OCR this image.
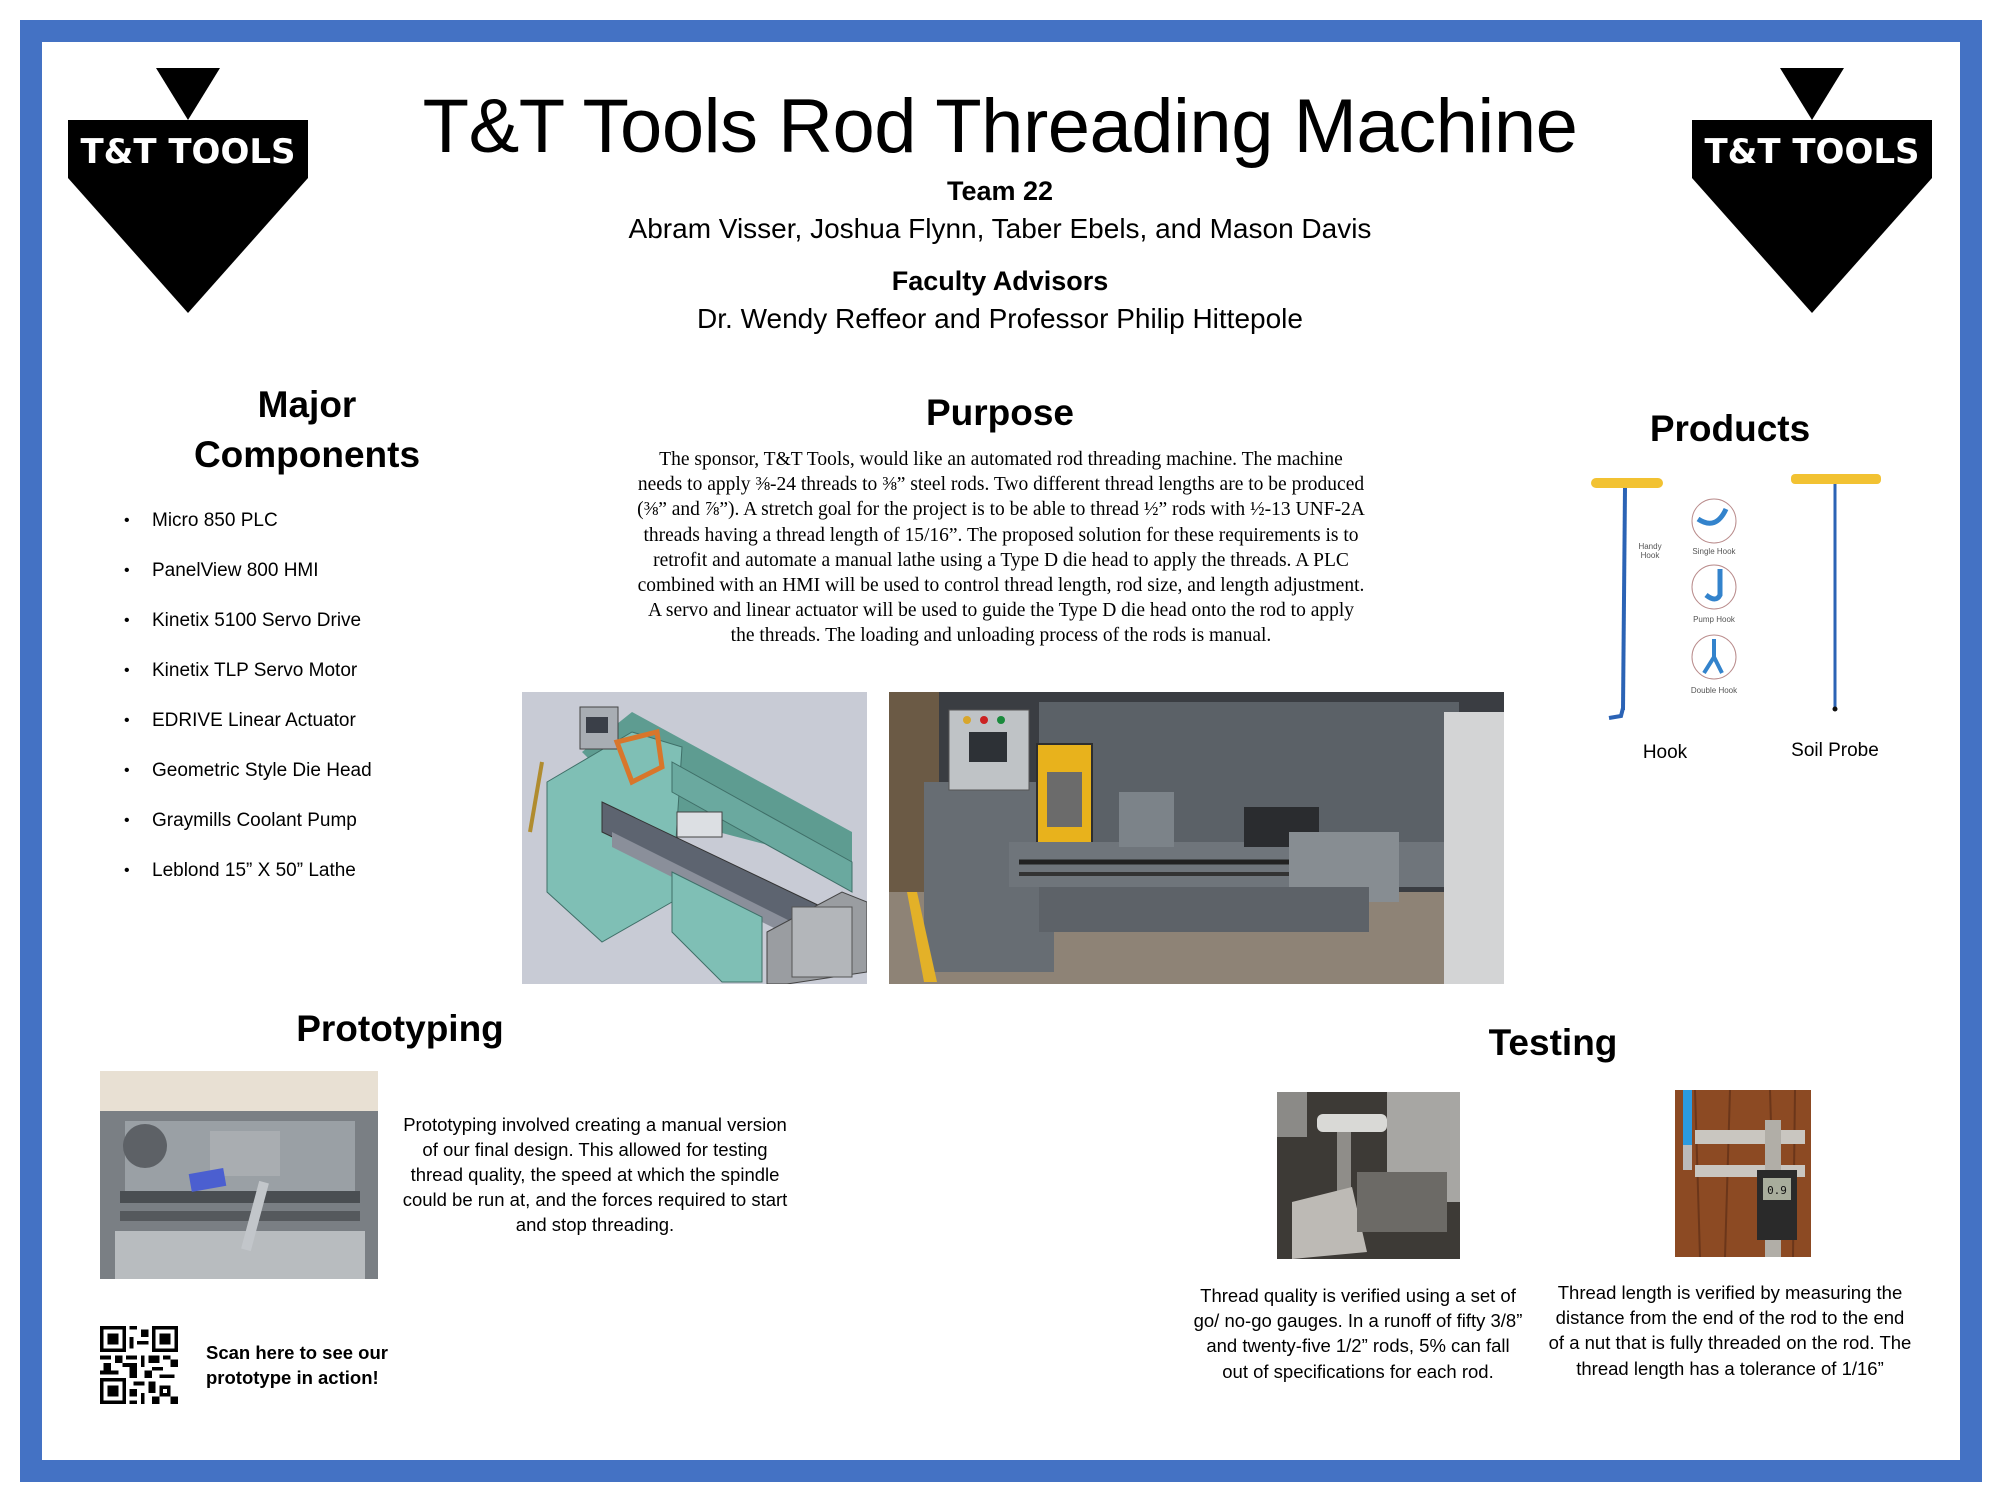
T&T TOOLS	T&T TOOLS
T&T Tools Rod Threading Machine
Team 22
Abram Visser, Joshua Flynn, Taber Ebels, and Mason Davis
Faculty Advisors
Dr. Wendy Reffeor and Professor Philip Hittepole
Major
Components
•	Micro 850 PLC
•	PanelView 800 HMI
•	Kinetix 5100 Servo Drive
•	Kinetix TLP Servo Motor
•	EDRIVE Linear Actuator
•	Geometric Style Die Head
•	Graymills Coolant Pump
•	Leblond 15” X 50” Lathe
Purpose
The sponsor, T&T Tools, would like an automated rod threading machine. The machine needs to apply ⅜-24 threads to ⅜” steel rods. Two different thread lengths are to be produced (⅜” and ⅞”). A stretch goal for the project is to be able to thread ½” rods with ½-13 UNF-2A threads having a thread length of 15/16”. The proposed solution for these requirements is to retrofit and automate a manual lathe using a Type D die head to apply the threads. A PLC combined with an HMI will be used to control thread length, rod size, and length adjustment. A servo and linear actuator will be used to guide the Type D die head onto the rod to apply the threads. The loading and unloading process of the rods is manual.
Products
Handy Hook	Single Hook
Pump Hook
Double Hook
Hook	Soil Probe
Prototyping
Prototyping involved creating a manual version of our final design. This allowed for testing thread quality, the speed at which the spindle could be run at, and the forces required to start and stop threading.
Scan here to see our
prototype in action!
Testing
0.9
Thread quality is verified using a set of go/ no-go gauges. In a runoff of fifty 3/8” and twenty-five 1/2” rods, 5% can fall out of specifications for each rod.
Thread length is verified by measuring the distance from the end of the rod to the end of a nut that is fully threaded on the rod. The thread length has a tolerance of 1/16”
